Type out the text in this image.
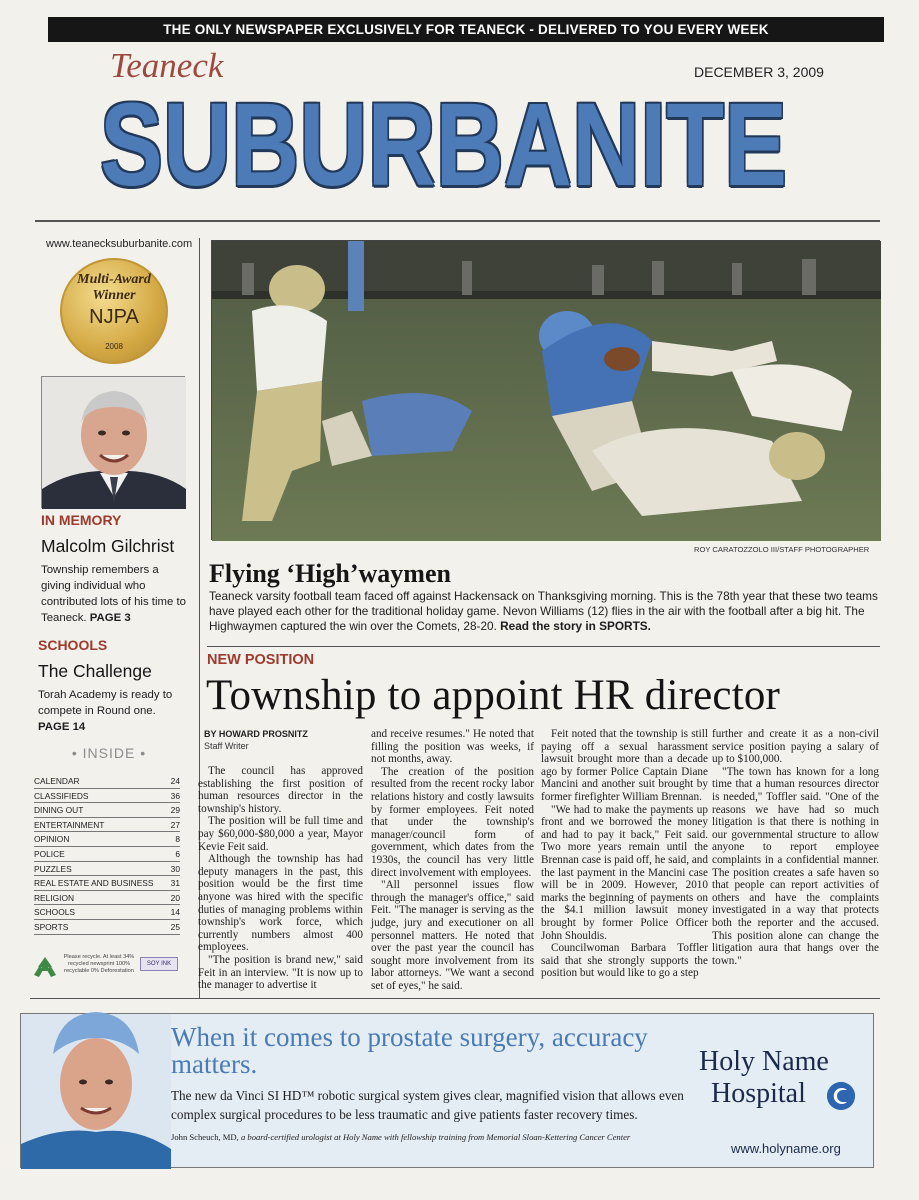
THE ONLY NEWSPAPER EXCLUSIVELY FOR TEANECK - DELIVERED TO YOU EVERY WEEK
Teaneck	DECEMBER 3, 2009
SUBURBANITE
www.teanecksuburbanite.com
Multi-Award Winner
NJPA
2008
IN MEMORY
Malcolm Gilchrist
Township remembers a giving individual who contributed lots of his time to Teaneck. PAGE 3
SCHOOLS
The Challenge
Torah Academy is ready to compete in Round one. PAGE 14
• INSIDE •
CALENDAR	24
CLASSIFIEDS	36
DINING OUT	29
ENTERTAINMENT	27
OPINION	8
POLICE	6
PUZZLES	30
REAL ESTATE AND BUSINESS 31
RELIGION	20
SCHOOLS	14
SPORTS	25
Please recycle. At least 34% recycled newsprint 100% recyclable 0% Deforestation
SOY INK
ROY CARATOZZOLO III/STAFF PHOTOGRAPHER
Flying ‘High’waymen
Teaneck varsity football team faced off against Hackensack on Thanksgiving morning. This is the 78th year that these two teams have played each other for the traditional holiday game. Nevon Williams (12) flies in the air with the football after a big hit. The Highwaymen captured the win over the Comets, 28-20. Read the story in SPORTS.
NEW POSITION
Township to appoint HR director
BY HOWARD PROSNITZ
Staff Writer

The council has approved establishing the first position of human resources director in the township's history.

The position will be full time and pay $60,000-$80,000 a year, Mayor Kevie Feit said.

Although the township has had deputy managers in the past, this position would be the first time anyone was hired with the specific duties of managing problems within township's work force, which currently numbers almost 400 employees.

"The position is brand new," said Feit in an interview. "It is now up to the manager to advertise it

and receive resumes." He noted that filling the position was weeks, if not months, away.

The creation of the position resulted from the recent rocky labor relations history and costly lawsuits by former employees. Feit noted that under the township's manager/council form of government, which dates from the 1930s, the council has very little direct involvement with employees.

"All personnel issues flow through the manager's office," said Feit. "The manager is serving as the judge, jury and executioner on all personnel matters. He noted that over the past year the council has sought more involvement from its labor attorneys. "We want a second set of eyes," he said.

Feit noted that the township is still paying off a sexual harassment lawsuit brought more than a decade ago by former Police Captain Diane Mancini and another suit brought by former firefighter William Brennan.

"We had to make the payments up front and we borrowed the money and had to pay it back," Feit said. Two more years remain until the Brennan case is paid off, he said, and the last payment in the Mancini case will be in 2009. However, 2010 marks the beginning of payments on the $4.1 million lawsuit money brought by former Police Officer John Shouldis.

Councilwoman Barbara Toffler said that she strongly supports the position but would like to go a step

further and create it as a non-civil service position paying a salary of up to $100,000.

"The town has known for a long time that a human resources director is needed," Toffler said. "One of the reasons we have had so much litigation is that there is nothing in our governmental structure to allow anyone to report employee complaints in a confidential manner. The position creates a safe haven so that people can report activities of others and have the complaints investigated in a way that protects both the reporter and the accused. This position alone can change the litigation aura that hangs over the town."

When it comes to prostate surgery, accuracy matters.
The new da Vinci SI HD™ robotic surgical system gives clear, magnified vision that allows even complex surgical procedures to be less traumatic and give patients faster recovery times.
John Scheuch, MD, a board-certified urologist at Holy Name with fellowship training from Memorial Sloan-Kettering Cancer Center
Holy Name
Hospital
www.holyname.org
